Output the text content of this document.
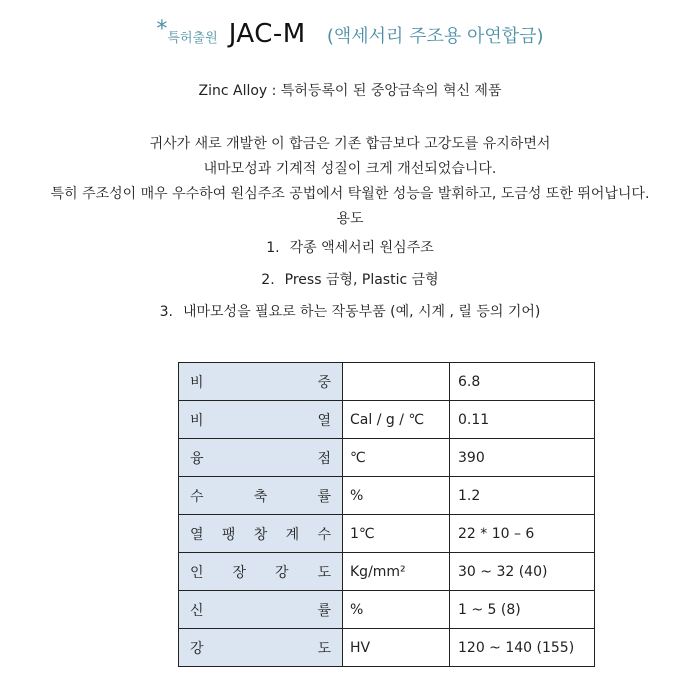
*특허출원 JAC-M (액세서리 주조용 아연합금)
Zinc Alloy : 특허등록이 된 중앙금속의 혁신 제품
귀사가 새로 개발한 이 합금은 기존 합금보다 고강도를 유지하면서
내마모성과 기계적 성질이 크게 개선되었습니다.
특히 주조성이 매우 우수하여 원심주조 공법에서 탁월한 성능을 발휘하고, 도금성 또한 뛰어납니다.
용도
1. 각종 액세서리 원심주조
2. Press 금형, Plastic 금형
3. 내마모성을 필요로 하는 작동부품 (예, 시계 , 릴 등의 기어)
비 중		6.8

비 열	Cal / g / ℃	0.11

융 점	℃	390

수 축 률	%	1.2

열 팽 창 계 수	1℃	22 * 10 – 6

인 장 강 도	Kg/mm²	30 ~ 32 (40)

신 률	%	1 ~ 5 (8)

강 도	HV	120 ~ 140 (155)
